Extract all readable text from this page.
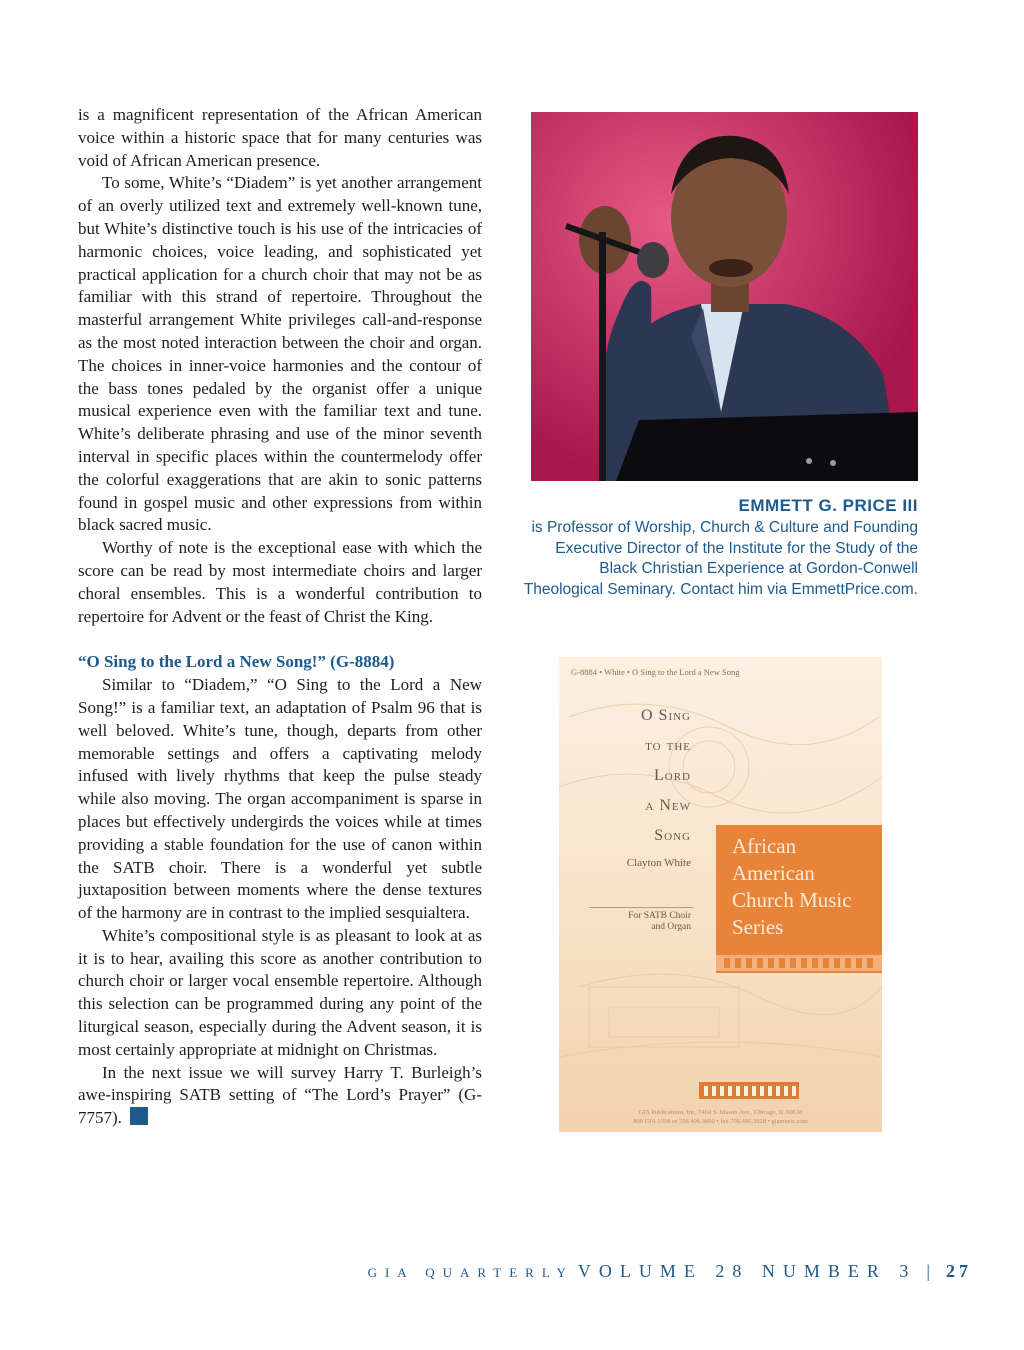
is a magnificent representation of the African American voice within a historic space that for many centuries was void of African American presence.

To some, White’s “Diadem” is yet another arrangement of an overly utilized text and extremely well-known tune, but White’s distinctive touch is his use of the intricacies of harmonic choices, voice leading, and sophisticated yet practical application for a church choir that may not be as familiar with this strand of repertoire. Throughout the masterful arrangement White privileges call-and-response as the most noted interaction between the choir and organ. The choices in inner-voice harmonies and the contour of the bass tones pedaled by the organist offer a unique musical experience even with the familiar text and tune. White’s deliberate phrasing and use of the minor seventh interval in specific places within the countermelody offer the colorful exaggerations that are akin to sonic patterns found in gospel music and other expressions from within black sacred music.

Worthy of note is the exceptional ease with which the score can be read by most intermediate choirs and larger choral ensembles. This is a wonderful contribution to repertoire for Advent or the feast of Christ the King.

“O Sing to the Lord a New Song!” (G-8884)

Similar to “Diadem,” “O Sing to the Lord a New Song!” is a familiar text, an adaptation of Psalm 96 that is well beloved. White’s tune, though, departs from other memorable settings and offers a captivating melody infused with lively rhythms that keep the pulse steady while also moving. The organ accompaniment is sparse in places but effectively undergirds the voices while at times providing a stable foundation for the use of canon within the SATB choir. There is a wonderful yet subtle juxtaposition between moments where the dense textures of the harmony are in contrast to the implied sesquialtera.

White’s compositional style is as pleasant to look at as it is to hear, availing this score as another contribution to church choir or larger vocal ensemble repertoire. Although this selection can be programmed during any point of the liturgical season, especially during the Advent season, it is most certainly appropriate at midnight on Christmas.

In the next issue we will survey Harry T. Burleigh’s awe-inspiring SATB setting of “The Lord’s Prayer” (G-7757).

EMMETT G. PRICE III
is Professor of Worship, Church & Culture and Founding Executive Director of the Institute for the Study of the Black Christian Experience at Gordon-Conwell Theological Seminary. Contact him via EmmettPrice.com.
G-8884 • White • O Sing to the Lord a New Song
O Sing
to the
Lord
a New
Song
Clayton White
For SATB Choir
and Organ
African
American
Church Music
Series
GIA Publications, Inc. 7404 S. Mason Ave., Chicago, IL 60638
800 GIA 1358 or 708.496.3800 • fax 708.496.3828 • giamusic.com
GIA QUARTERLY VOLUME 28 NUMBER 3 | 27
